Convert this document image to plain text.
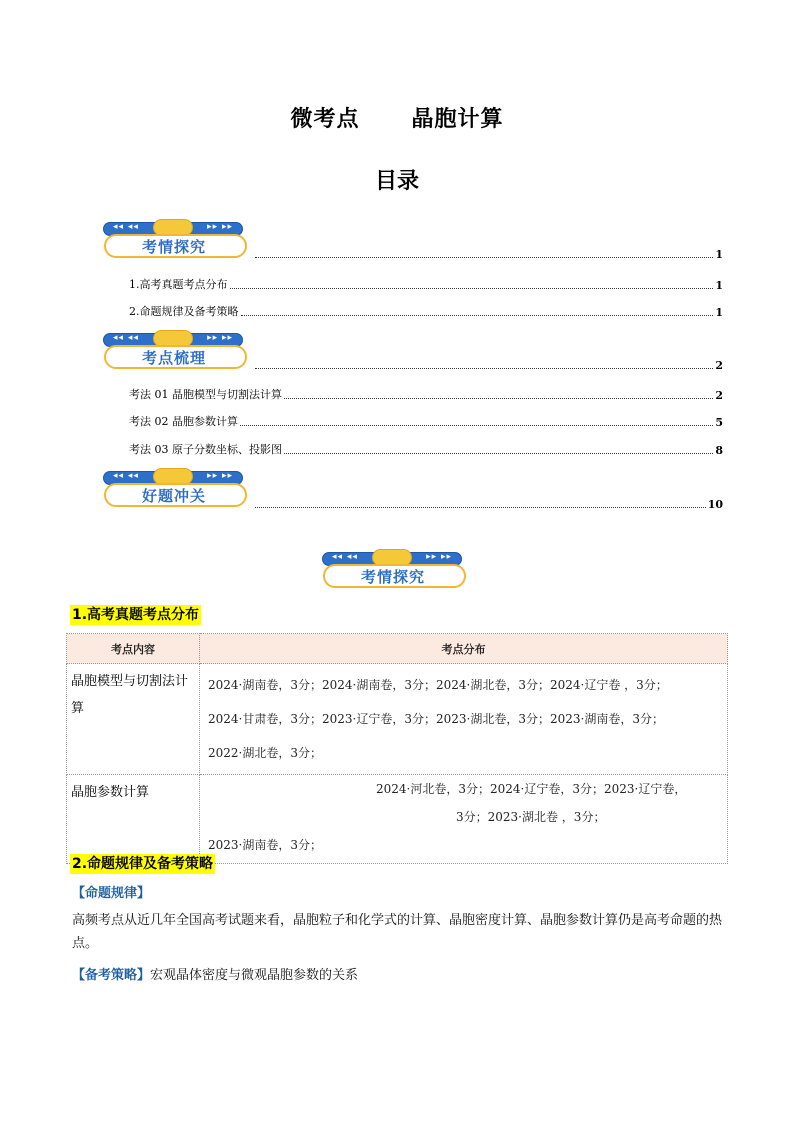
微考点 晶胞计算
目录
◂◂ ◂◂	▸▸ ▸▸
考情探究	1
1.高考真题考点分布	1
2.命题规律及备考策略	1
◂◂ ◂◂	▸▸ ▸▸
考点梳理	2
考法 01 晶胞模型与切割法计算	2
考法 02 晶胞参数计算	5
考法 03 原子分数坐标、投影图	8
◂◂ ◂◂	▸▸ ▸▸
好题冲关	10
◂◂ ◂◂	▸▸ ▸▸
考情探究
1.高考真题考点分布
考点内容	考点分布
晶胞模型与切割法计算	2024·湖南卷，3分；2024·湖南卷，3分；2024·湖北卷，3分；2024·辽宁卷 ，3分；
2024·甘肃卷，3分；2023·辽宁卷，3分；2023·湖北卷，3分；2023·湖南卷，3分；
2022·湖北卷，3分；

晶胞参数计算	2024·河北卷，3分；2024·辽宁卷，3分；2023·辽宁卷，
3分；2023·湖北卷 ，3分；
2023·湖南卷，3分；
2.命题规律及备考策略
【命题规律】
高频考点从近几年全国高考试题来看，晶胞粒子和化学式的计算、晶胞密度计算、晶胞参数计算仍是高考命题的热点。
【备考策略】宏观晶体密度与微观晶胞参数的关系
